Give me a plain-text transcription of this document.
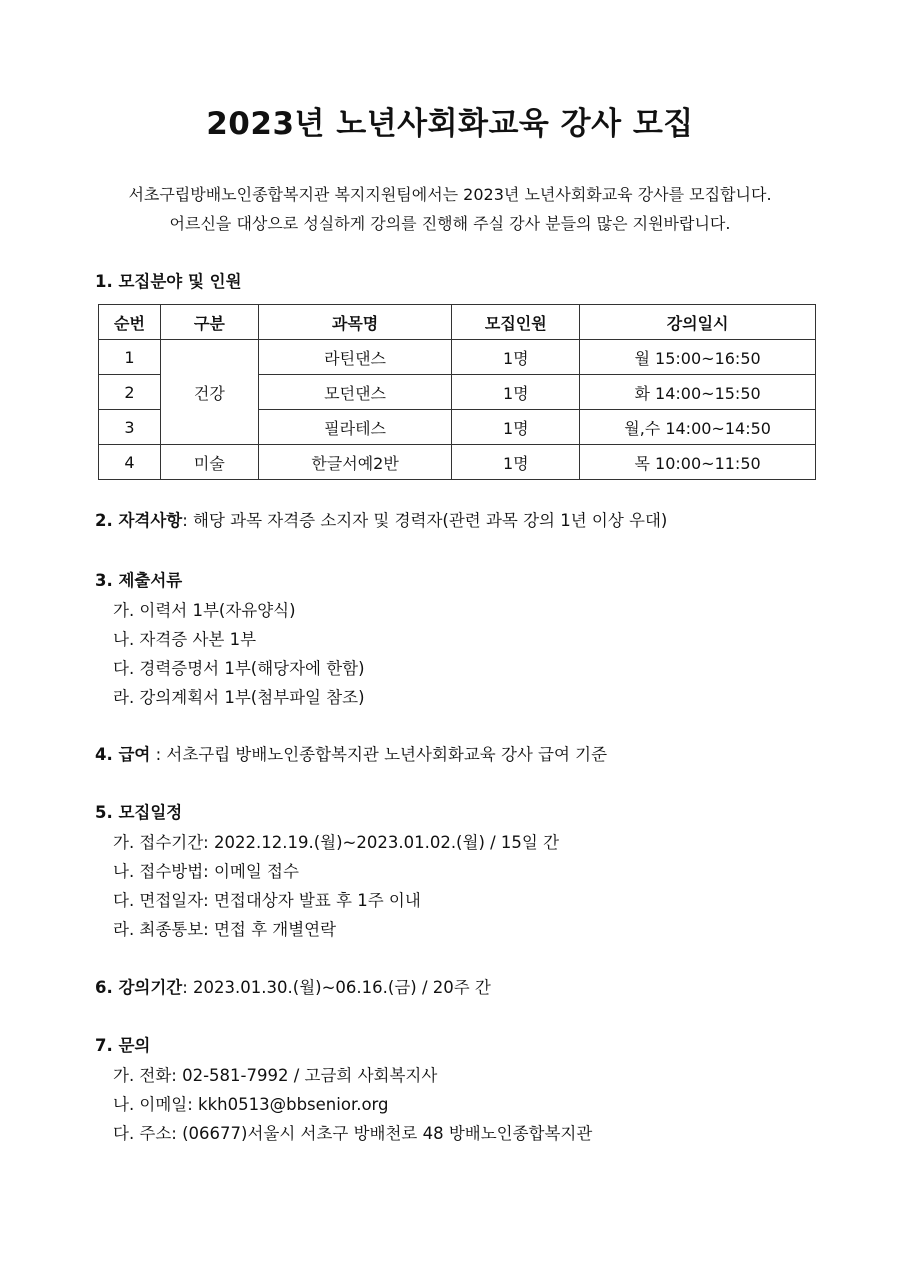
2023년 노년사회화교육 강사 모집
서초구립방배노인종합복지관 복지지원팀에서는 2023년 노년사회화교육 강사를 모집합니다.
어르신을 대상으로 성실하게 강의를 진행해 주실 강사 분들의 많은 지원바랍니다.
1. 모집분야 및 인원
순번	구분	과목명	모집인원	강의일시
1	건강	라틴댄스	1명	월 15:00~16:50
2		모던댄스	1명	화 14:00~15:50
3		필라테스	1명	월,수 14:00~14:50
4	미술	한글서예2반	1명	목 10:00~11:50
2. 자격사항: 해당 과목 자격증 소지자 및 경력자(관련 과목 강의 1년 이상 우대)
3. 제출서류
가. 이력서 1부(자유양식)
나. 자격증 사본 1부
다. 경력증명서 1부(해당자에 한함)
라. 강의계획서 1부(첨부파일 참조)
4. 급여 : 서초구립 방배노인종합복지관 노년사회화교육 강사 급여 기준
5. 모집일정
가. 접수기간: 2022.12.19.(월)~2023.01.02.(월) / 15일 간
나. 접수방법: 이메일 접수
다. 면접일자: 면접대상자 발표 후 1주 이내
라. 최종통보: 면접 후 개별연락
6. 강의기간: 2023.01.30.(월)~06.16.(금) / 20주 간
7. 문의
가. 전화: 02-581-7992 / 고금희 사회복지사
나. 이메일: kkh0513@bbsenior.org
다. 주소: (06677)서울시 서초구 방배천로 48 방배노인종합복지관
